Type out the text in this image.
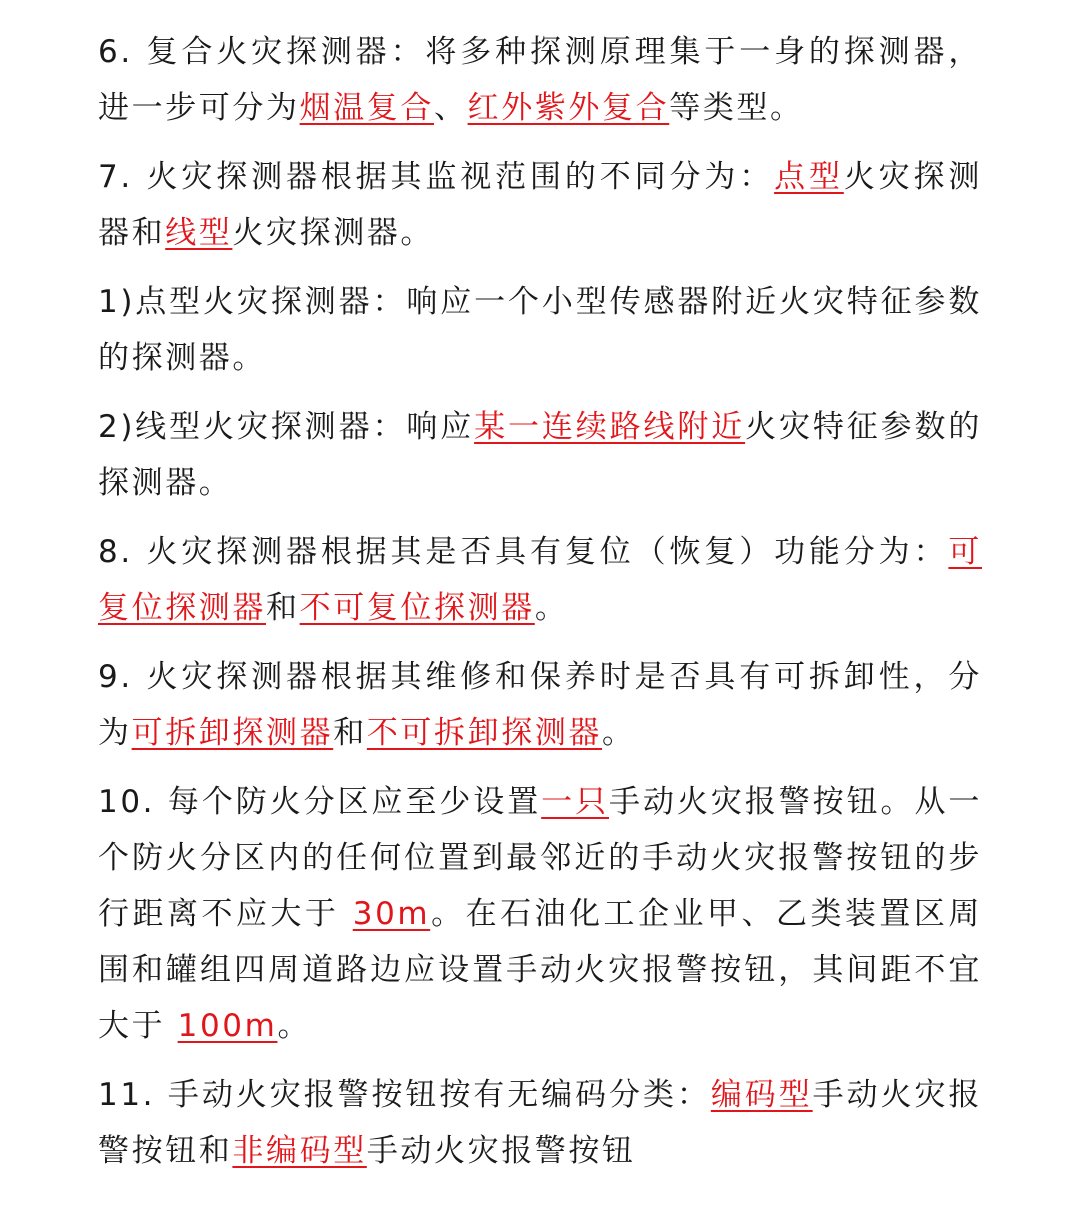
6. 复合火灾探测器：将多种探测原理集于一身的探测器，进一步可分为烟温复合、红外紫外复合等类型。

7. 火灾探测器根据其监视范围的不同分为：点型火灾探测器和线型火灾探测器。

1)点型火灾探测器：响应一个小型传感器附近火灾特征参数的探测器。

2)线型火灾探测器：响应某一连续路线附近火灾特征参数的探测器。

8. 火灾探测器根据其是否具有复位（恢复）功能分为：可复位探测器和不可复位探测器。

9. 火灾探测器根据其维修和保养时是否具有可拆卸性，分为可拆卸探测器和不可拆卸探测器。

10. 每个防火分区应至少设置一只手动火灾报警按钮。从一个防火分区内的任何位置到最邻近的手动火灾报警按钮的步行距离不应大于 30m。在石油化工企业甲、乙类装置区周围和罐组四周道路边应设置手动火灾报警按钮，其间距不宜大于 100m。

11. 手动火灾报警按钮按有无编码分类：编码型手动火灾报警按钮和非编码型手动火灾报警按钮
